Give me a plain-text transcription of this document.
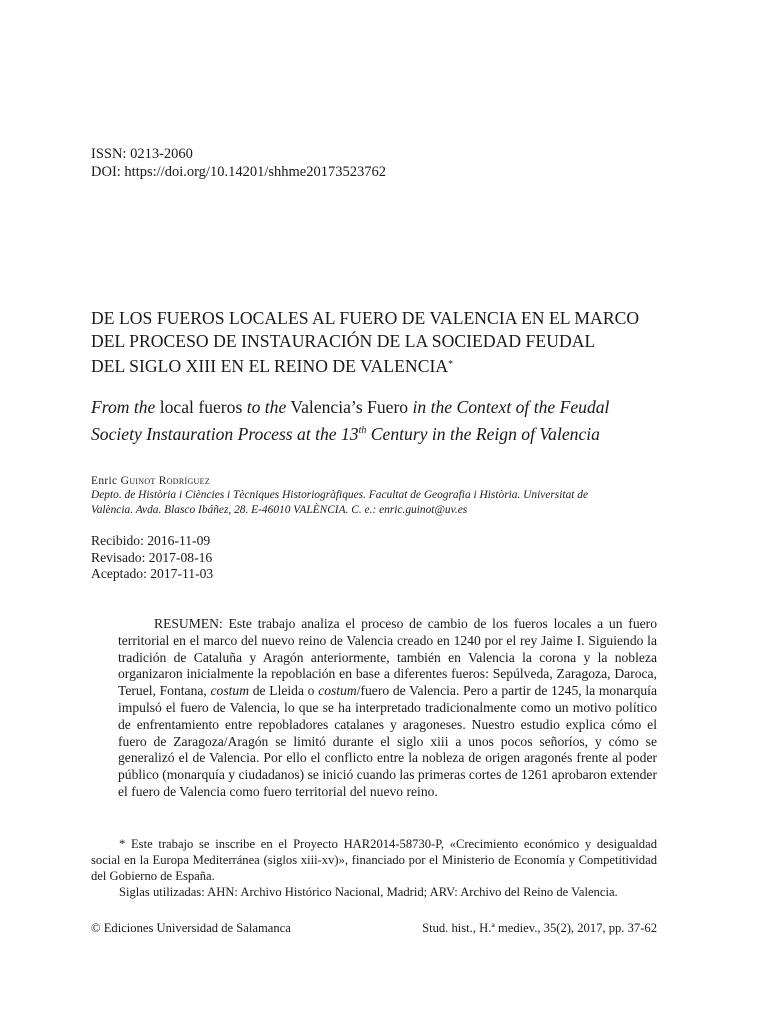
ISSN: 0213-2060
DOI: https://doi.org/10.14201/shhme20173523762
DE LOS FUEROS LOCALES AL FUERO DE VALENCIA EN EL MARCO
DEL PROCESO DE INSTAURACIÓN DE LA SOCIEDAD FEUDAL
DEL SIGLO XIII EN EL REINO DE VALENCIA*
From the local fueros to the Valencia’s Fuero in the Context of the Feudal
Society Instauration Process at the 13th Century in the Reign of Valencia
Enric Guinot Rodríguez
Depto. de Història i Ciències i Tècniques Historiogràfiques. Facultat de Geografia i Història. Universitat de
València. Avda. Blasco Ibáñez, 28. E-46010 VALÈNCIA. C. e.: enric.guinot@uv.es
Recibido: 2016-11-09
Revisado: 2017-08-16
Aceptado: 2017-11-03

RESUMEN: Este trabajo analiza el proceso de cambio de los fueros locales a un fuero territorial en el marco del nuevo reino de Valencia creado en 1240 por el rey Jaime I. Siguiendo la tradición de Cataluña y Aragón anteriormente, también en Valencia la corona y la nobleza organizaron inicialmente la repoblación en base a diferentes fueros: Sepúlveda, Zaragoza, Daroca, Teruel, Fontana, costum de Lleida o costum/fuero de Valencia. Pero a partir de 1245, la monarquía impulsó el fuero de Valencia, lo que se ha interpretado tradicionalmente como un motivo político de enfrentamiento entre repobladores catalanes y aragoneses. Nuestro estudio explica cómo el fuero de Zaragoza/Aragón se limitó durante el siglo xiii a unos pocos señoríos, y cómo se generalizó el de Valencia. Por ello el conflicto entre la nobleza de origen aragonés frente al poder público (monarquía y ciudadanos) se inició cuando las primeras cortes de 1261 aprobaron extender el fuero de Valencia como fuero territorial del nuevo reino.

* Este trabajo se inscribe en el Proyecto HAR2014-58730-P, «Crecimiento económico y desigualdad social en la Europa Mediterránea (siglos xiii-xv)», financiado por el Ministerio de Economía y Competitividad del Gobierno de España.

Siglas utilizadas: AHN: Archivo Histórico Nacional, Madrid; ARV: Archivo del Reino de Valencia.

© Ediciones Universidad de Salamanca	Stud. hist., H.ª mediev., 35(2), 2017, pp. 37-62
